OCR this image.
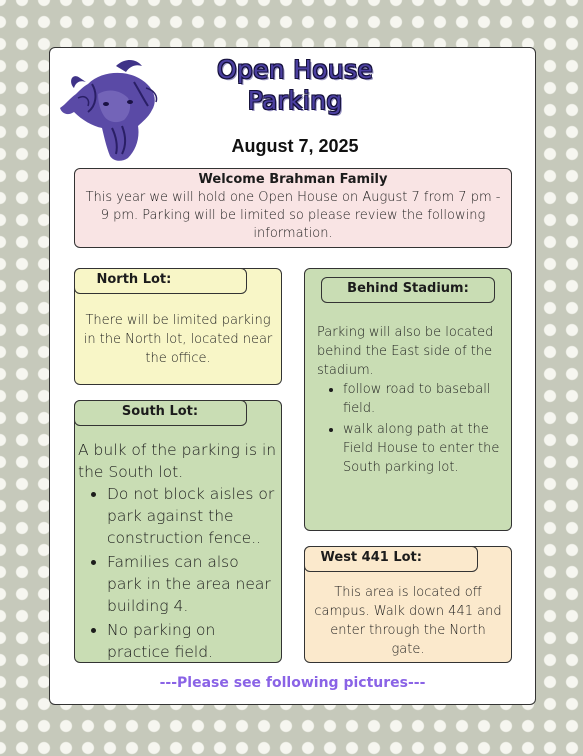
Open House
Parking
August 7, 2025
Welcome Brahman Family
This year we will hold one Open House on August 7 from 7 pm - 9 pm. Parking will be limited so please review the following information.
North Lot:
There will be limited parking in the North lot, located near the office.
South Lot:
A bulk of the parking is in the South lot.
• Do not block aisles or park against the construction fence..
• Families can also park in the area near building 4.
• No parking on practice field.
Behind Stadium:
Parking will also be located behind the East side of the stadium.
• follow road to baseball field.
• walk along path at the Field House to enter the South parking lot.
West 441 Lot:
This area is located off campus. Walk down 441 and enter through the North gate.
---Please see following pictures---
